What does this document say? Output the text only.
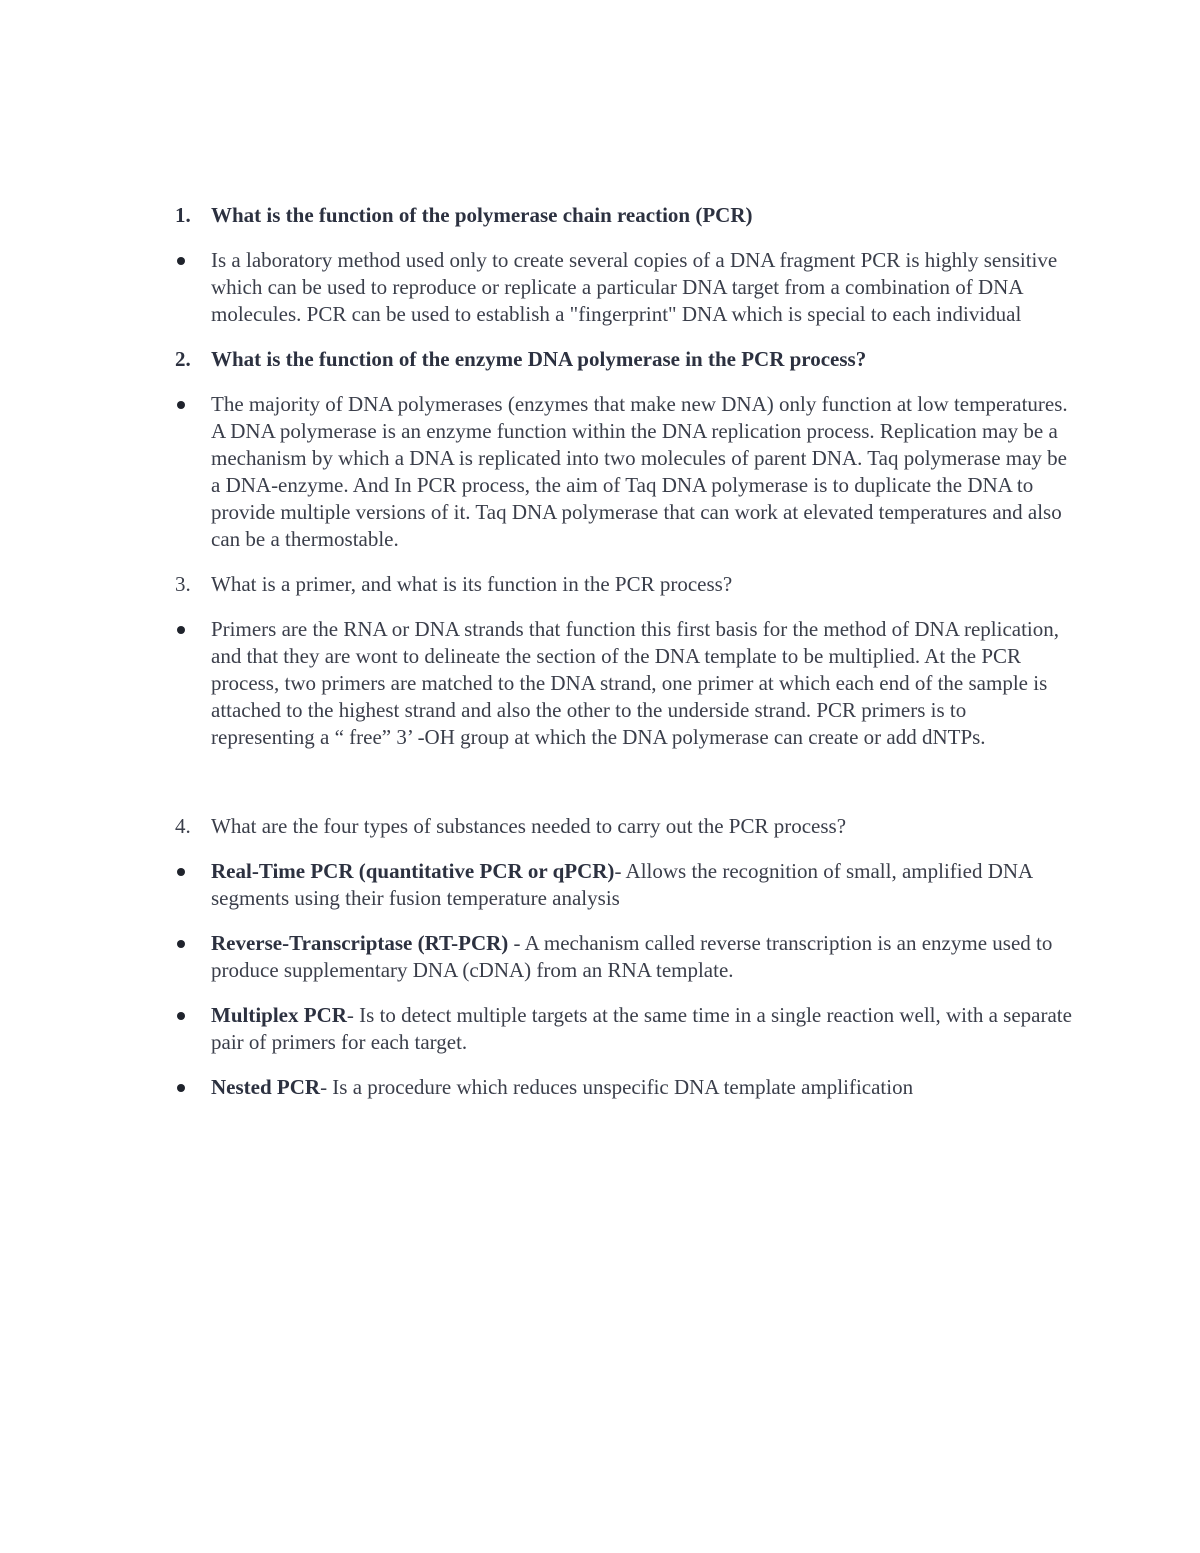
1. What is the function of the polymerase chain reaction (PCR)
Is a laboratory method used only to create several copies of a DNA fragment PCR is highly sensitive which can be used to reproduce or replicate a particular DNA target from a combination of DNA molecules. PCR can be used to establish a "fingerprint" DNA which is special to each individual
2. What is the function of the enzyme DNA polymerase in the PCR process?
The majority of DNA polymerases (enzymes that make new DNA) only function at low temperatures. A DNA polymerase is an enzyme function within the DNA replication process. Replication may be a mechanism by which a DNA is replicated into two molecules of parent DNA. Taq polymerase may be a DNA-enzyme. And In PCR process, the aim of Taq DNA polymerase is to duplicate the DNA to provide multiple versions of it. Taq DNA polymerase that can work at elevated temperatures and also can be a thermostable.
3. What is a primer, and what is its function in the PCR process?
Primers are the RNA or DNA strands that function this first basis for the method of DNA replication, and that they are wont to delineate the section of the DNA template to be multiplied. At the PCR process, two primers are matched to the DNA strand, one primer at which each end of the sample is attached to the highest strand and also the other to the underside strand. PCR primers is to representing a “ free” 3’ -OH group at which the DNA polymerase can create or add dNTPs.
4. What are the four types of substances needed to carry out the PCR process?
Real-Time PCR (quantitative PCR or qPCR)- Allows the recognition of small, amplified DNA segments using their fusion temperature analysis
Reverse-Transcriptase (RT-PCR) - A mechanism called reverse transcription is an enzyme used to produce supplementary DNA (cDNA) from an RNA template.
Multiplex PCR- Is to detect multiple targets at the same time in a single reaction well, with a separate pair of primers for each target.
Nested PCR- Is a procedure which reduces unspecific DNA template amplification
